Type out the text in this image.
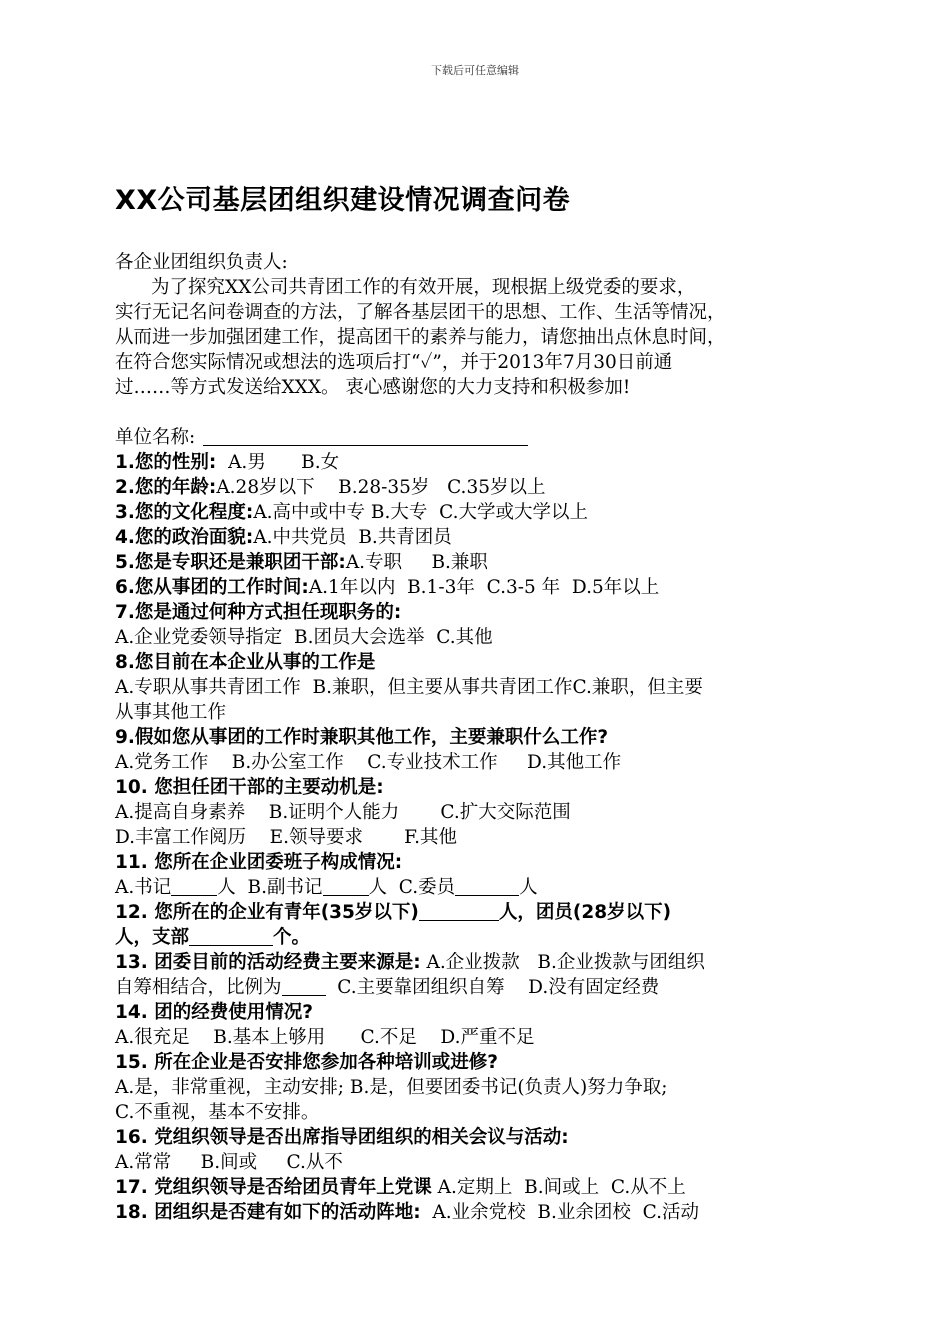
下载后可任意编辑
XX公司基层团组织建设情况调查问卷
各企业团组织负责人:
为了探究XX公司共青团工作的有效开展，现根据上级党委的要求，
实行无记名问卷调查的方法，了解各基层团干的思想、工作、生活等情况，
从而进一步加强团建工作，提高团干的素养与能力，请您抽出点休息时间，
在符合您实际情况或想法的选项后打“✓”，并于2013年7月30日前通
过……等方式发送给XXX。 衷心感谢您的大力支持和积极参加!
单位名称:
1.您的性别:  A.男      B.女
2.您的年龄:A.28岁以下    B.28-35岁   C.35岁以上
3.您的文化程度:A.高中或中专 B.大专  C.大学或大学以上
4.您的政治面貌:A.中共党员  B.共青团员
5.您是专职还是兼职团干部:A.专职     B.兼职
6.您从事团的工作时间:A.1年以内  B.1-3年  C.3-5 年  D.5年以上
7.您是通过何种方式担任现职务的:
A.企业党委领导指定  B.团员大会选举  C.其他
8.您目前在本企业从事的工作是
A.专职从事共青团工作  B.兼职，但主要从事共青团工作C.兼职，但主要
从事其他工作
9.假如您从事团的工作时兼职其他工作，主要兼职什么工作?
A.党务工作    B.办公室工作    C.专业技术工作     D.其他工作
10. 您担任团干部的主要动机是:
A.提高自身素养    B.证明个人能力       C.扩大交际范围
D.丰富工作阅历    E.领导要求       F.其他
11. 您所在企业团委班子构成情况:
A.书记 人  B.副书记 人  C.委员	人
12. 您所在的企业有青年(35岁以下)	人，团员(28岁以下)
人，支部	个。
13. 团委目前的活动经费主要来源是: A.企业拨款   B.企业拨款与团组织
自筹相结合，比例为  C.主要靠团组织自筹    D.没有固定经费
14. 团的经费使用情况?
A.很充足    B.基本上够用      C.不足    D.严重不足
15. 所在企业是否安排您参加各种培训或进修?
A.是，非常重视，主动安排; B.是，但要团委书记(负责人)努力争取;
C.不重视，基本不安排。
16. 党组织领导是否出席指导团组织的相关会议与活动:
A.常常     B.间或     C.从不
17. 党组织领导是否给团员青年上党课 A.定期上  B.间或上  C.从不上
18. 团组织是否建有如下的活动阵地:  A.业余党校  B.业余团校  C.活动
